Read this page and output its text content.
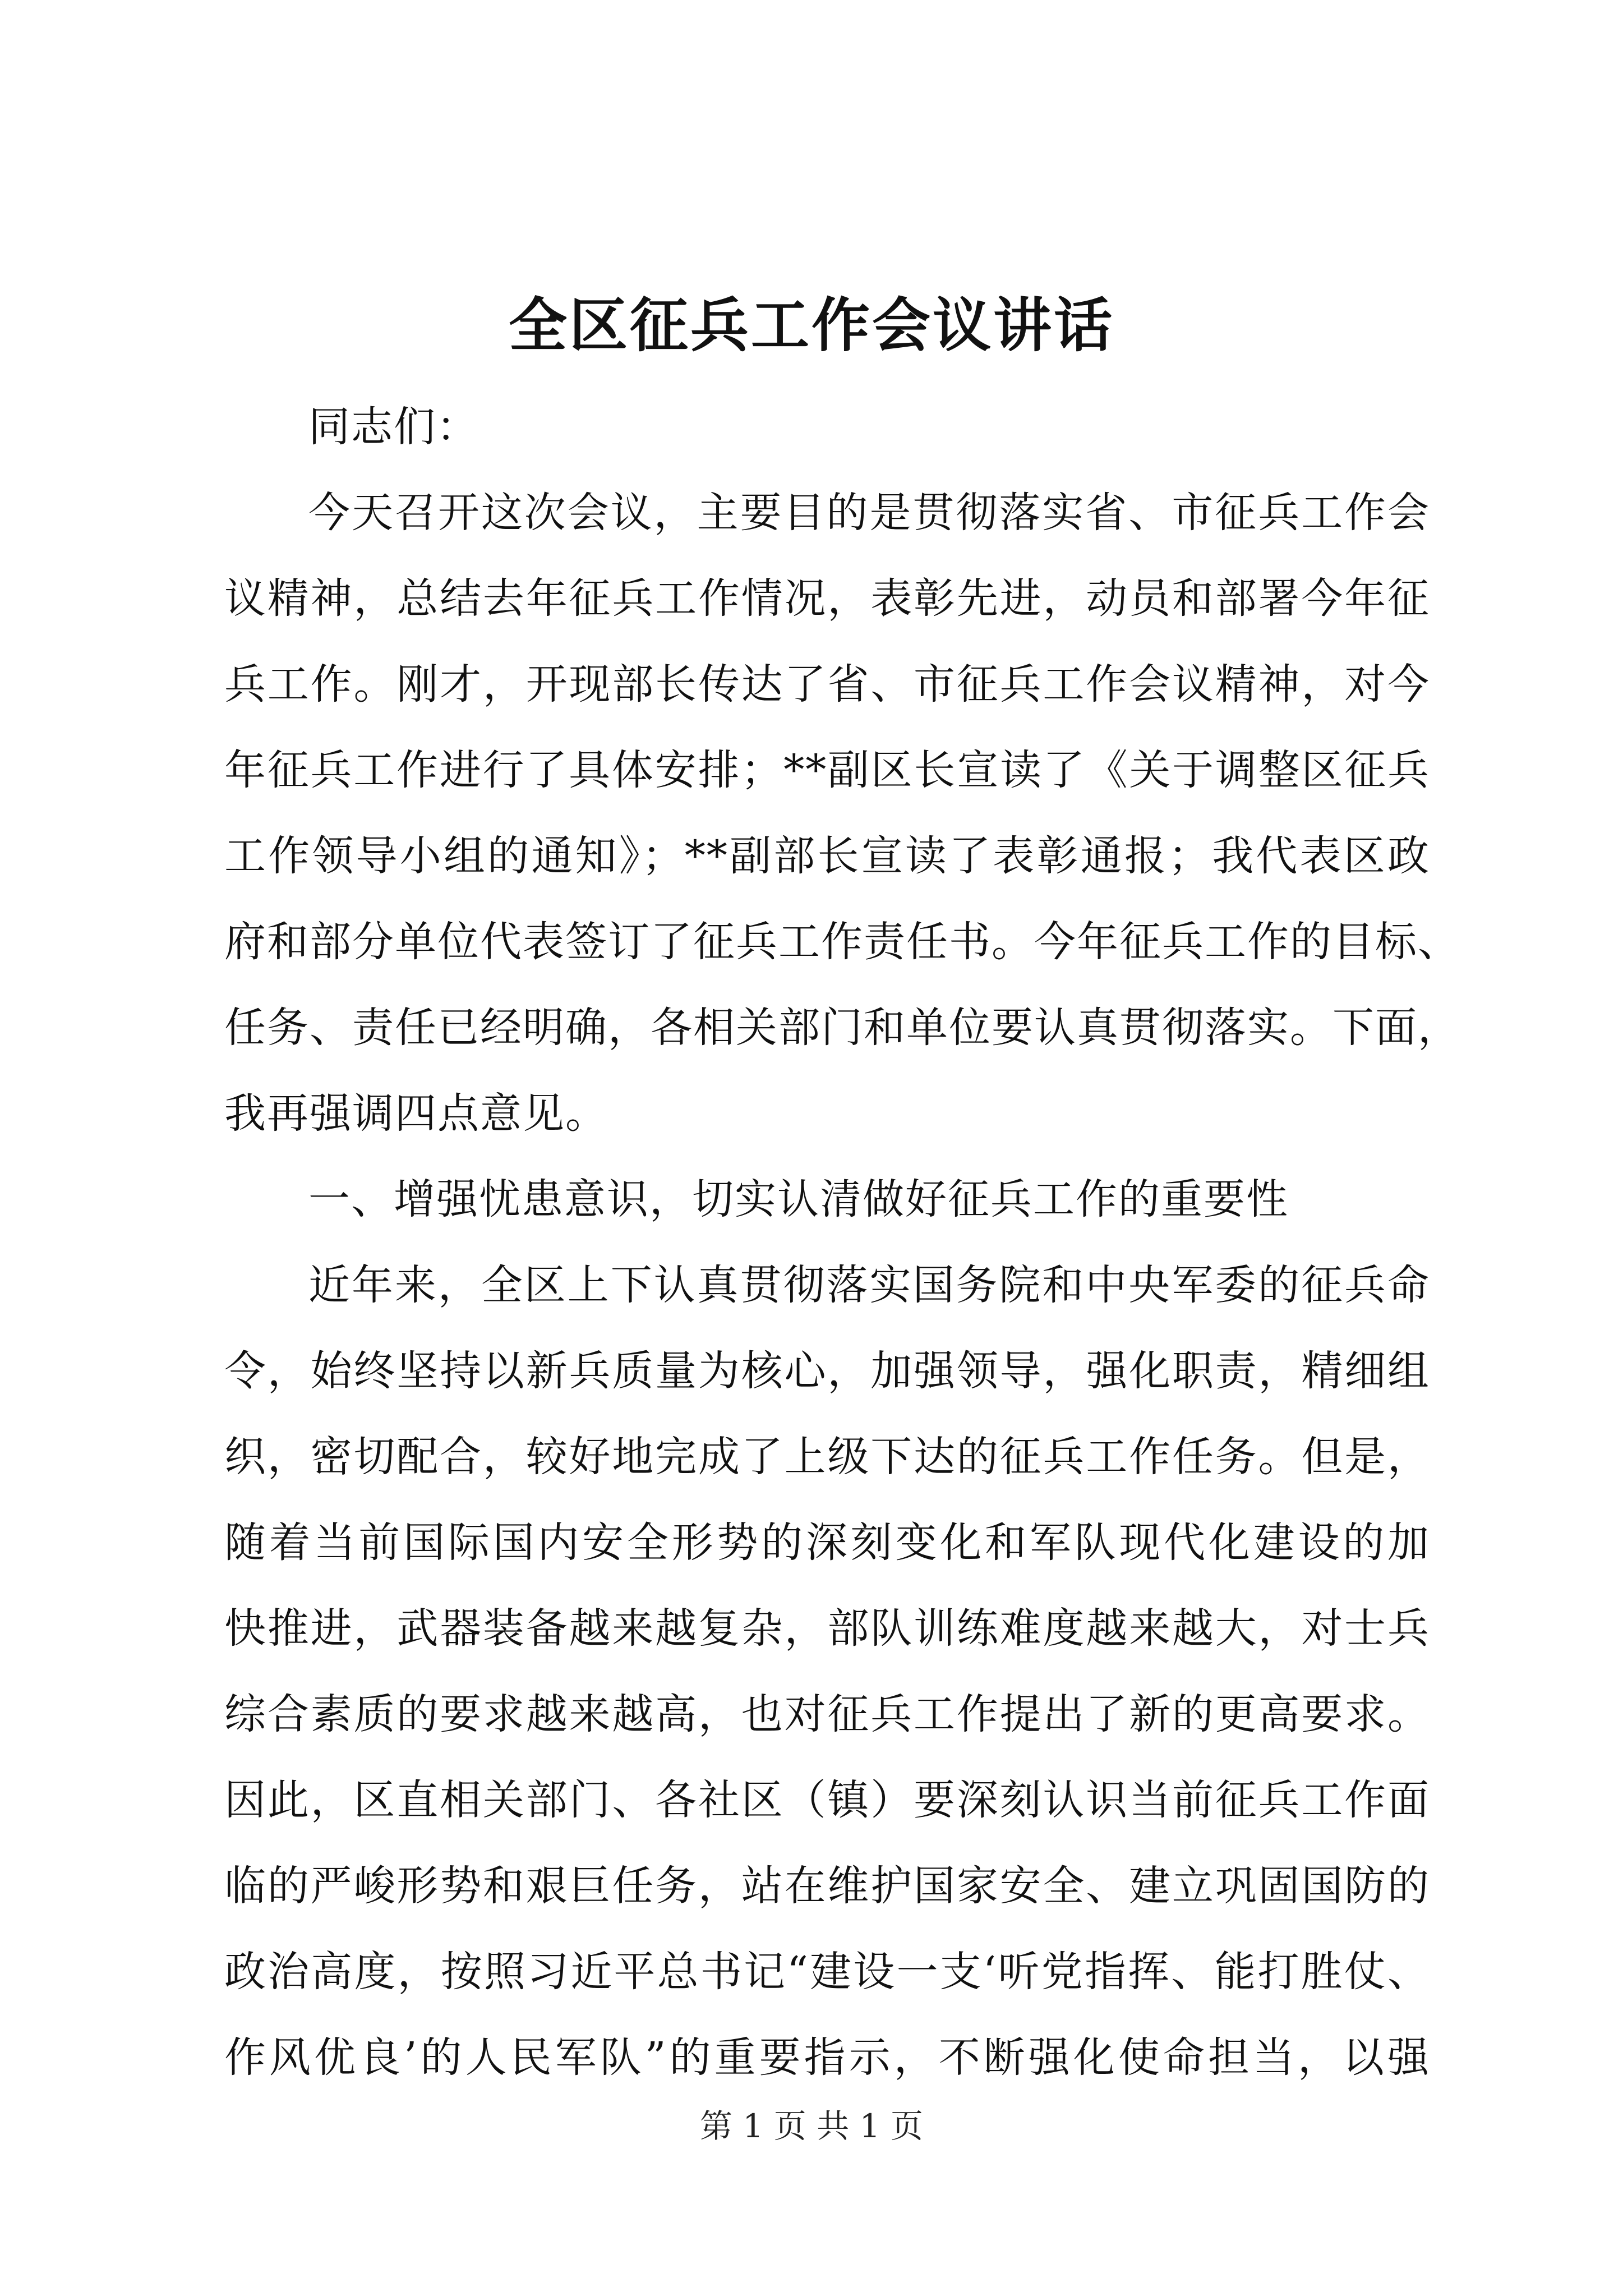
全区征兵工作会议讲话
同志们：
今天召开这次会议，主要目的是贯彻落实省、市征兵工作会
议精神，总结去年征兵工作情况，表彰先进，动员和部署今年征
兵工作。刚才，开现部长传达了省、市征兵工作会议精神，对今
年征兵工作进行了具体安排；**副区长宣读了《关于调整区征兵
工作领导小组的通知》；**副部长宣读了表彰通报；我代表区政
府和部分单位代表签订了征兵工作责任书。今年征兵工作的目标、
任务、责任已经明确，各相关部门和单位要认真贯彻落实。下面，
我再强调四点意见。
一、增强忧患意识，切实认清做好征兵工作的重要性
近年来，全区上下认真贯彻落实国务院和中央军委的征兵命
令，始终坚持以新兵质量为核心，加强领导，强化职责，精细组
织，密切配合，较好地完成了上级下达的征兵工作任务。但是，
随着当前国际国内安全形势的深刻变化和军队现代化建设的加
快推进，武器装备越来越复杂，部队训练难度越来越大，对士兵
综合素质的要求越来越高，也对征兵工作提出了新的更高要求。
因此，区直相关部门、各社区（镇）要深刻认识当前征兵工作面
临的严峻形势和艰巨任务，站在维护国家安全、建立巩固国防的
政治高度，按照习近平总书记“建设一支‘听党指挥、能打胜仗、
作风优良’的人民军队”的重要指示，不断强化使命担当，以强
第 1 页 共 1 页
